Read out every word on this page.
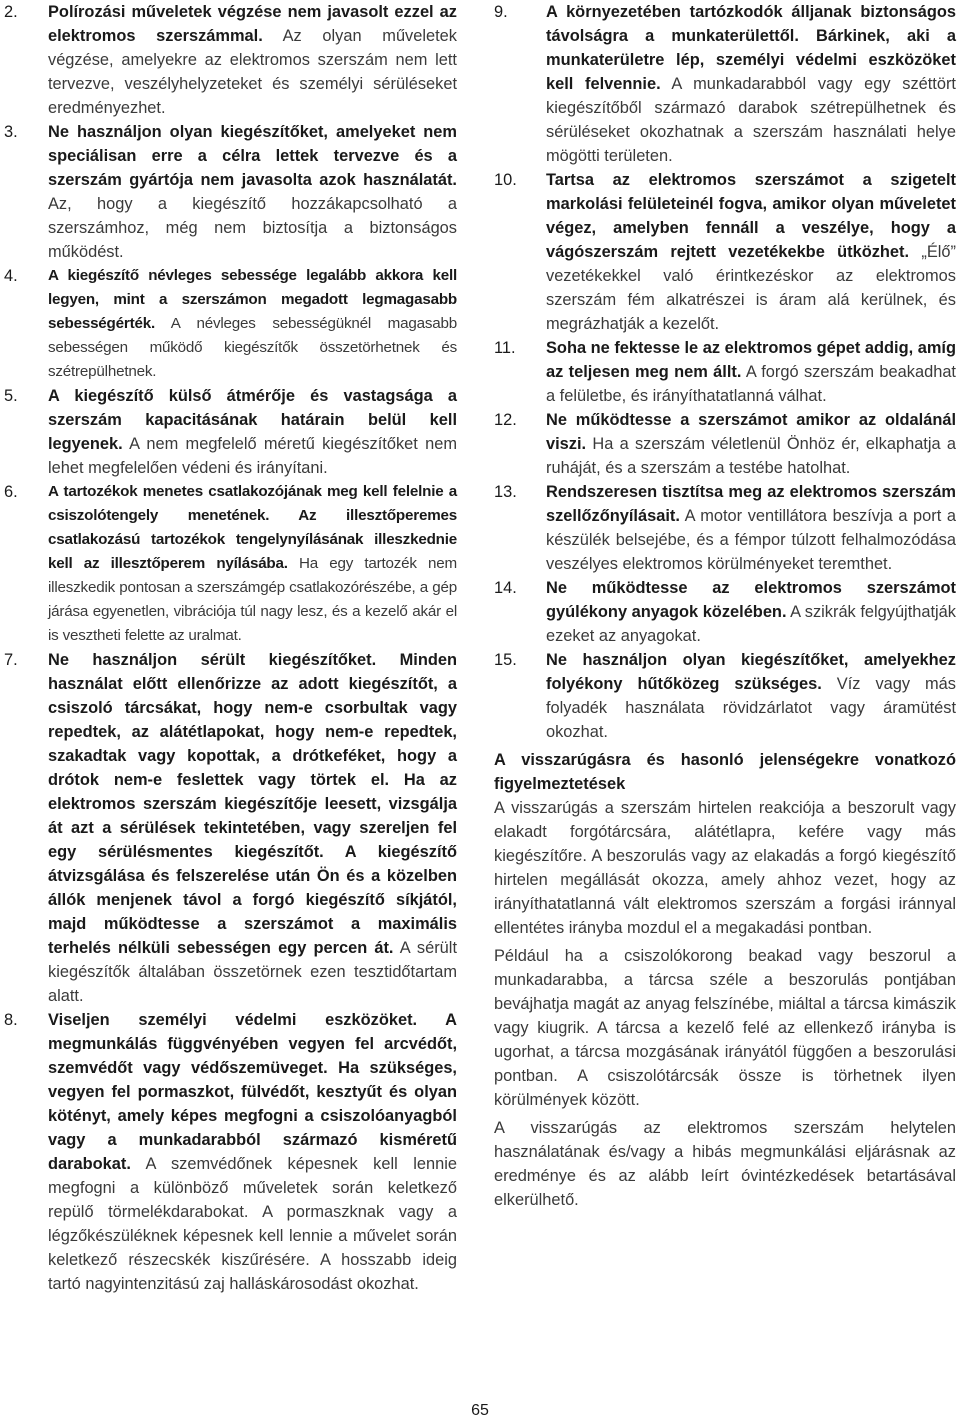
2.	Polírozási műveletek végzése nem javasolt ezzel az elektromos szerszámmal. Az olyan műveletek végzése, amelyekre az elektromos szerszám nem lett tervezve, veszélyhelyzeteket és személyi sérüléseket eredményezhet.
3.	Ne használjon olyan kiegészítőket, amelyeket nem speciálisan erre a célra lettek tervezve és a szerszám gyártója nem javasolta azok használatát. Az, hogy a kiegészítő hozzákapcsolható a szerszámhoz, még nem biztosítja a biztonságos működést.
4.	A kiegészítő névleges sebessége legalább akkora kell legyen, mint a szerszámon megadott legmagasabb sebességérték. A névleges sebességüknél magasabb sebességen működő kiegészítők összetörhetnek és szétrepülhetnek.
5.	A kiegészítő külső átmérője és vastagsága a szerszám kapacitásának határain belül kell legyenek. A nem megfelelő méretű kiegészítőket nem lehet megfelelően védeni és irányítani.
6.	A tartozékok menetes csatlakozójának meg kell felelnie a csiszolótengely menetének. Az illesztőperemes csatlakozású tartozékok tengelynyílásának illeszkednie kell az illesztőperem nyílásába. Ha egy tartozék nem illeszkedik pontosan a szerszámgép csatlakozórészébe, a gép járása egyenetlen, vibrációja túl nagy lesz, és a kezelő akár el is vesztheti felette az uralmat.
7.	Ne használjon sérült kiegészítőket. Minden használat előtt ellenőrizze az adott kiegészítőt, a csiszoló tárcsákat, hogy nem-e csorbultak vagy repedtek, az alátétlapokat, hogy nem-e repedtek, szakadtak vagy kopottak, a drótkeféket, hogy a drótok nem-e feslettek vagy törtek el. Ha az elektromos szerszám kiegészítője leesett, vizsgálja át azt a sérülések tekintetében, vagy szereljen fel egy sérülésmentes kiegészítőt. A kiegészítő átvizsgálása és felszerelése után Ön és a közelben állók menjenek távol a forgó kiegészítő síkjától, majd működtesse a szerszámot a maximális terhelés nélküli sebességen egy percen át. A sérült kiegészítők általában összetörnek ezen tesztidőtartam alatt.
8.	Viseljen személyi védelmi eszközöket. A megmunkálás függvényében vegyen fel arcvédőt, szemvédőt vagy védőszemüveget. Ha szükséges, vegyen fel pormaszkot, fülvédőt, kesztyűt és olyan kötényt, amely képes megfogni a csiszolóanyagból vagy a munkadarabból származó kisméretű darabokat. A szemvédőnek képesnek kell lennie megfogni a különböző műveletek során keletkező repülő törmelékdarabokat. A pormaszknak vagy a légzőkészüléknek képesnek kell lennie a művelet során keletkező részecskék kiszűrésére. A hosszabb ideig tartó nagyintenzitású zaj halláskárosodást okozhat.
9.	A környezetében tartózkodók álljanak biztonságos távolságra a munkaterülettől. Bárkinek, aki a munkaterületre lép, személyi védelmi eszközöket kell felvennie. A munkadarabból vagy egy széttört kiegészítőből származó darabok szétrepülhetnek és sérüléseket okozhatnak a szerszám használati helye mögötti területen.
10.	Tartsa az elektromos szerszámot a szigetelt markolási felületeinél fogva, amikor olyan műveletet végez, amelyben fennáll a veszélye, hogy a vágószerszám rejtett vezetékekbe ütközhet. „Élő” vezetékekkel való érintkezéskor az elektromos szerszám fém alkatrészei is áram alá kerülnek, és megrázhatják a kezelőt.
11.	Soha ne fektesse le az elektromos gépet addig, amíg az teljesen meg nem állt. A forgó szerszám beakadhat a felületbe, és irányíthatatlanná válhat.
12.	Ne működtesse a szerszámot amikor az oldalánál viszi. Ha a szerszám véletlenül Önhöz ér, elkaphatja a ruháját, és a szerszám a testébe hatolhat.
13.	Rendszeresen tisztítsa meg az elektromos szerszám szellőzőnyílásait. A motor ventillátora beszívja a port a készülék belsejébe, és a fémpor túlzott felhalmozódása veszélyes elektromos körülményeket teremthet.
14.	Ne működtesse az elektromos szerszámot gyúlékony anyagok közelében. A szikrák felgyújthatják ezeket az anyagokat.
15.	Ne használjon olyan kiegészítőket, amelyekhez folyékony hűtőközeg szükséges. Víz vagy más folyadék használata rövidzárlatot vagy áramütést okozhat.

A visszarúgásra és hasonló jelenségekre vonatkozó figyelmeztetések

A visszarúgás a szerszám hirtelen reakciója a beszorult vagy elakadt forgótárcsára, alátétlapra, kefére vagy más kiegészítőre. A beszorulás vagy az elakadás a forgó kiegészítő hirtelen megállását okozza, amely ahhoz vezet, hogy az irányíthatatlanná vált elektromos szerszám a forgási iránnyal ellentétes irányba mozdul el a megakadási pontban.

Például ha a csiszolókorong beakad vagy beszorul a munkadarabba, a tárcsa széle a beszorulás pontjában bevájhatja magát az anyag felszínébe, miáltal a tárcsa kimászik vagy kiugrik. A tárcsa a kezelő felé az ellenkező irányba is ugorhat, a tárcsa mozgásának irányától függően a beszorulási pontban. A csiszolótárcsák össze is törhetnek ilyen körülmények között.

A visszarúgás az elektromos szerszám helytelen használatának és/vagy a hibás megmunkálási eljárásnak az eredménye és az alább leírt óvintézkedések betartásával elkerülhető.

65
